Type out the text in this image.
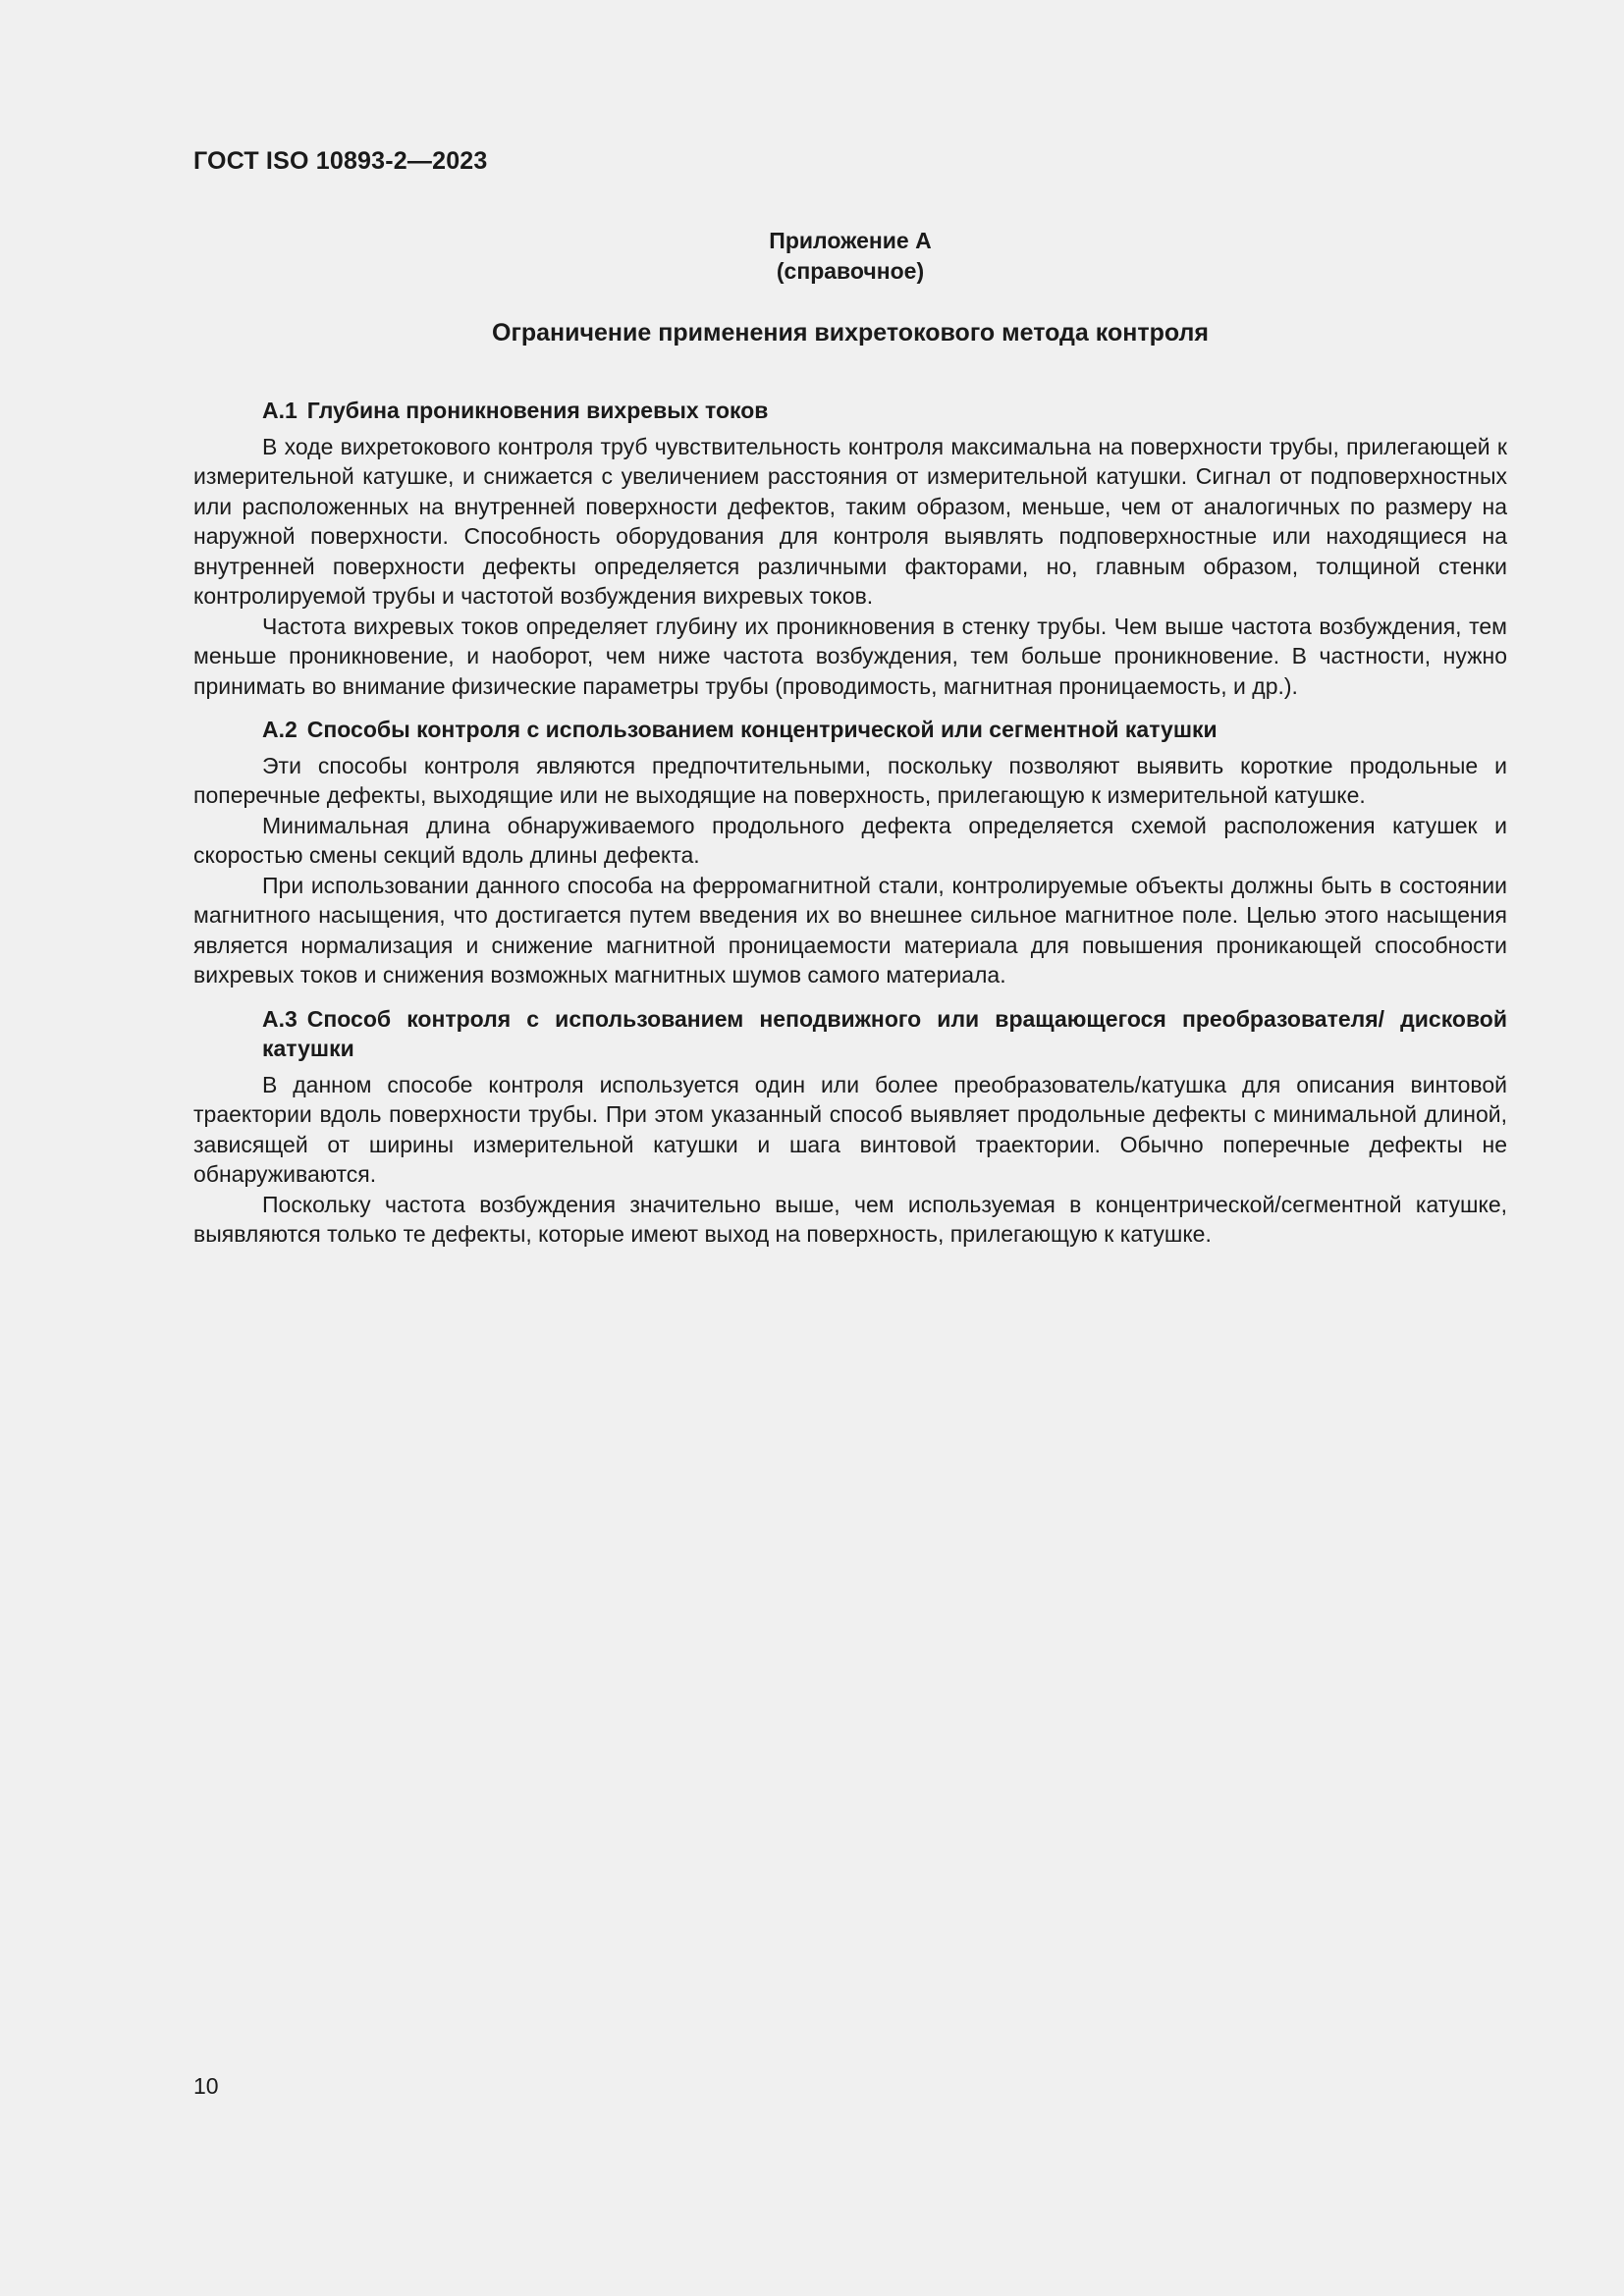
ГОСТ ISO 10893-2—2023
Приложение А
(справочное)
Ограничение применения вихретокового метода контроля
А.1 Глубина проникновения вихревых токов

В ходе вихретокового контроля труб чувствительность контроля максимальна на поверхности трубы, прилегающей к измерительной катушке, и снижается с увеличением расстояния от измерительной катушки. Сигнал от подповерхностных или расположенных на внутренней поверхности дефектов, таким образом, меньше, чем от аналогичных по размеру на наружной поверхности. Способность оборудования для контроля выявлять подповерхностные или находящиеся на внутренней поверхности дефекты определяется различными факторами, но, главным образом, толщиной стенки контролируемой трубы и частотой возбуждения вихревых токов.

Частота вихревых токов определяет глубину их проникновения в стенку трубы. Чем выше частота возбуждения, тем меньше проникновение, и наоборот, чем ниже частота возбуждения, тем больше проникновение. В частности, нужно принимать во внимание физические параметры трубы (проводимость, магнитная проницаемость, и др.).

А.2 Способы контроля с использованием концентрической или сегментной катушки

Эти способы контроля являются предпочтительными, поскольку позволяют выявить короткие продольные и поперечные дефекты, выходящие или не выходящие на поверхность, прилегающую к измерительной катушке.

Минимальная длина обнаруживаемого продольного дефекта определяется схемой расположения катушек и скоростью смены секций вдоль длины дефекта.

При использовании данного способа на ферромагнитной стали, контролируемые объекты должны быть в состоянии магнитного насыщения, что достигается путем введения их во внешнее сильное магнитное поле. Целью этого насыщения является нормализация и снижение магнитной проницаемости материала для повышения проникающей способности вихревых токов и снижения возможных магнитных шумов самого материала.

А.3 Способ контроля с использованием неподвижного или вращающегося преобразователя/ дисковой катушки

В данном способе контроля используется один или более преобразователь/катушка для описания винтовой траектории вдоль поверхности трубы. При этом указанный способ выявляет продольные дефекты с минимальной длиной, зависящей от ширины измерительной катушки и шага винтовой траектории. Обычно поперечные дефекты не обнаруживаются.

Поскольку частота возбуждения значительно выше, чем используемая в концентрической/сегментной катушке, выявляются только те дефекты, которые имеют выход на поверхность, прилегающую к катушке.

10
